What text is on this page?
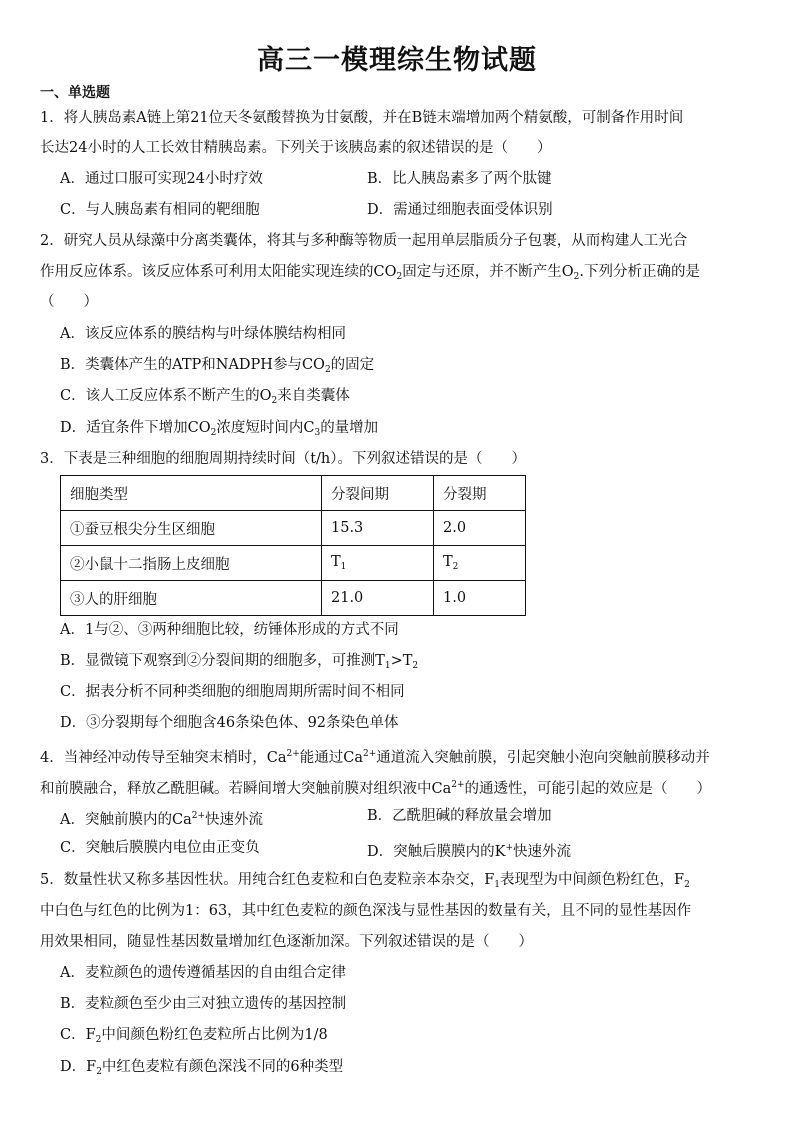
高三一模理综生物试题
一、单选题
1．将人胰岛素A链上第21位天冬氨酸替换为甘氨酸，并在B链末端增加两个精氨酸，可制备作用时间
长达24小时的人工长效甘精胰岛素。下列关于该胰岛素的叙述错误的是（　　）
A．通过口服可实现24小时疗效	B．比人胰岛素多了两个肽键
C．与人胰岛素有相同的靶细胞	D．需通过细胞表面受体识别
2．研究人员从绿藻中分离类囊体，将其与多种酶等物质一起用单层脂质分子包裹，从而构建人工光合
作用反应体系。该反应体系可利用太阳能实现连续的$CO_2$固定与还原，并不断产生$O_2$.下列分析正确的是
（　　）
A．该反应体系的膜结构与叶绿体膜结构相同
B．类囊体产生的ATP和NADPH参与$CO_2$的固定
C．该人工反应体系不断产生的$O_2$来自类囊体
D．适宜条件下增加$CO_2$浓度短时间内$C_3$的量增加
3．下表是三种细胞的细胞周期持续时间（t/h）。下列叙述错误的是（　　）
细胞类型	分裂间期	分裂期
①蚕豆根尖分生区细胞	15.3	2.0
②小鼠十二指肠上皮细胞	$T_1$	$T_2$
③人的肝细胞	21.0	1.0
A．1与②、③两种细胞比较，纺锤体形成的方式不同
B．显微镜下观察到②分裂间期的细胞多，可推测$T_1>T_2$
C．据表分析不同种类细胞的细胞周期所需时间不相同
D．③分裂期每个细胞含46条染色体、92条染色单体
4．当神经冲动传导至轴突末梢时，$Ca^{2+}$能通过$Ca^{2+}$通道流入突触前膜，引起突触小泡向突触前膜移动并
和前膜融合，释放乙酰胆碱。若瞬间增大突触前膜对组织液中$Ca^{2+}$的通透性，可能引起的效应是（　　）
A．突触前膜内的$Ca^{2+}$快速外流	B．乙酰胆碱的释放量会增加
C．突触后膜膜内电位由正变负	D．突触后膜膜内的K+快速外流
5．数量性状又称多基因性状。用纯合红色麦粒和白色麦粒亲本杂交，$F_1$表现型为中间颜色粉红色，$F_2$
中白色与红色的比例为1：63，其中红色麦粒的颜色深浅与显性基因的数量有关，且不同的显性基因作
用效果相同，随显性基因数量增加红色逐渐加深。下列叙述错误的是（　　）
A．麦粒颜色的遗传遵循基因的自由组合定律
B．麦粒颜色至少由三对独立遗传的基因控制
C．$F_2$中间颜色粉红色麦粒所占比例为1/8
D．$F_2$中红色麦粒有颜色深浅不同的6种类型
